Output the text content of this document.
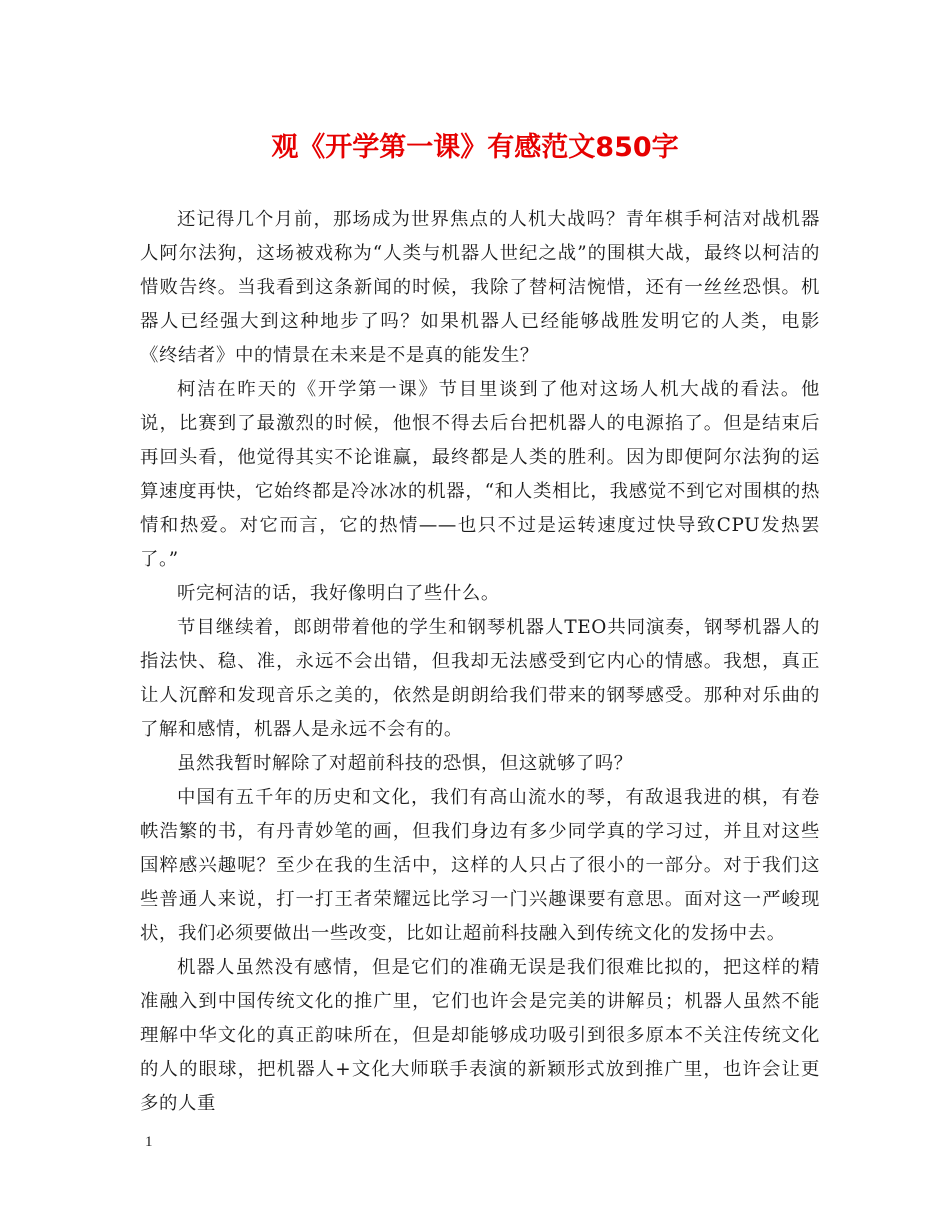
观《开学第一课》有感范文850字

还记得几个月前，那场成为世界焦点的人机大战吗？青年棋手柯洁对战机器人阿尔法狗，这场被戏称为“人类与机器人世纪之战”的围棋大战，最终以柯洁的惜败告终。当我看到这条新闻的时候，我除了替柯洁惋惜，还有一丝丝恐惧。机器人已经强大到这种地步了吗？如果机器人已经能够战胜发明它的人类，电影《终结者》中的情景在未来是不是真的能发生？

柯洁在昨天的《开学第一课》节目里谈到了他对这场人机大战的看法。他说，比赛到了最激烈的时候，他恨不得去后台把机器人的电源掐了。但是结束后再回头看，他觉得其实不论谁赢，最终都是人类的胜利。因为即便阿尔法狗的运算速度再快，它始终都是冷冰冰的机器，“和人类相比，我感觉不到它对围棋的热情和热爱。对它而言，它的热情——也只不过是运转速度过快导致CPU发热罢了。”

听完柯洁的话，我好像明白了些什么。

节目继续着，郎朗带着他的学生和钢琴机器人TEO共同演奏，钢琴机器人的指法快、稳、准，永远不会出错，但我却无法感受到它内心的情感。我想，真正让人沉醉和发现音乐之美的，依然是朗朗给我们带来的钢琴感受。那种对乐曲的了解和感情，机器人是永远不会有的。

虽然我暂时解除了对超前科技的恐惧，但这就够了吗？

中国有五千年的历史和文化，我们有高山流水的琴，有敌退我进的棋，有卷帙浩繁的书，有丹青妙笔的画，但我们身边有多少同学真的学习过，并且对这些国粹感兴趣呢？至少在我的生活中，这样的人只占了很小的一部分。对于我们这些普通人来说，打一打王者荣耀远比学习一门兴趣课要有意思。面对这一严峻现状，我们必须要做出一些改变，比如让超前科技融入到传统文化的发扬中去。

机器人虽然没有感情，但是它们的准确无误是我们很难比拟的，把这样的精准融入到中国传统文化的推广里，它们也许会是完美的讲解员；机器人虽然不能理解中华文化的真正韵味所在，但是却能够成功吸引到很多原本不关注传统文化的人的眼球，把机器人+文化大师联手表演的新颖形式放到推广里，也许会让更多的人重

1
